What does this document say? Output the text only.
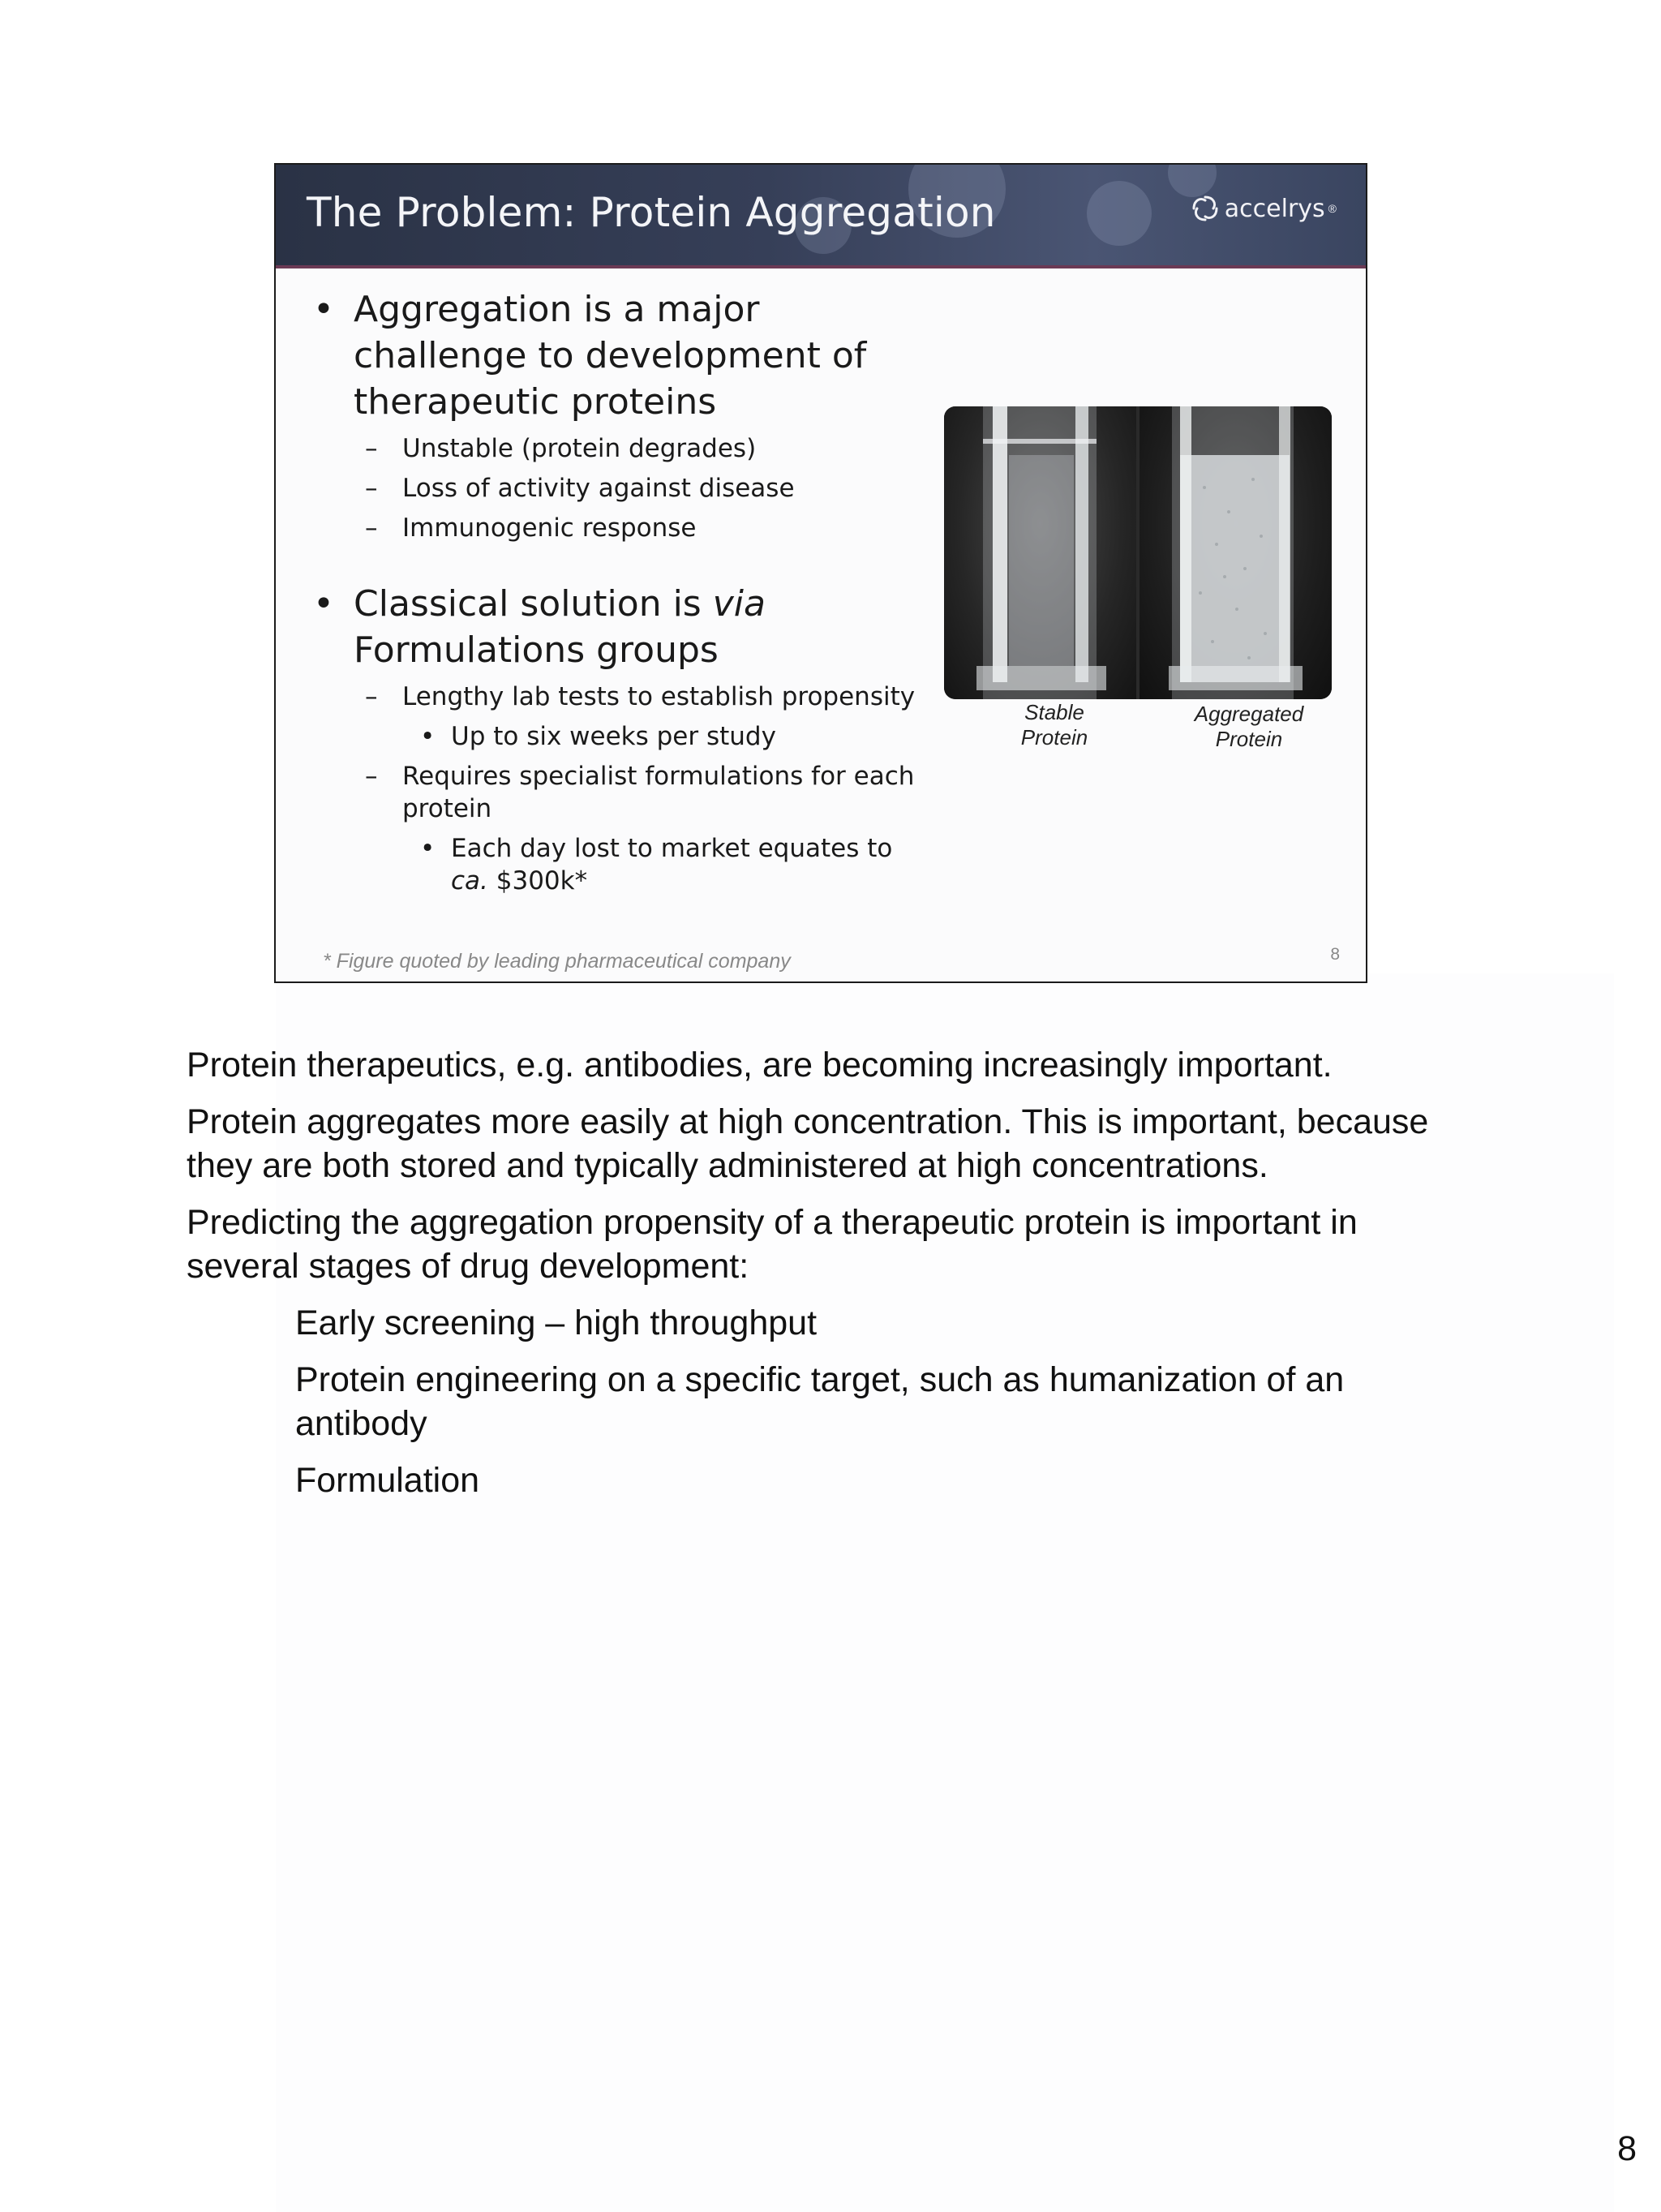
The Problem: Protein Aggregation	accelrys ®
• Aggregation is a major challenge to development of therapeutic proteins
– Unstable (protein degrades)
– Loss of activity against disease
– Immunogenic response
• Classical solution is via Formulations groups
– Lengthy lab tests to establish propensity
• Up to six weeks per study
– Requires specialist formulations for each protein
• Each day lost to market equates to ca. $300k*
Stable
Protein
Aggregated
Protein
* Figure quoted by leading pharmaceutical company	8

Protein therapeutics, e.g. antibodies, are becoming increasingly important.

Protein aggregates more easily at high concentration. This is important, because they are both stored and typically administered at high concentrations.

Predicting the aggregation propensity of a therapeutic protein is important in several stages of drug development:

Early screening – high throughput

Protein engineering on a specific target, such as humanization of an antibody

Formulation

8
